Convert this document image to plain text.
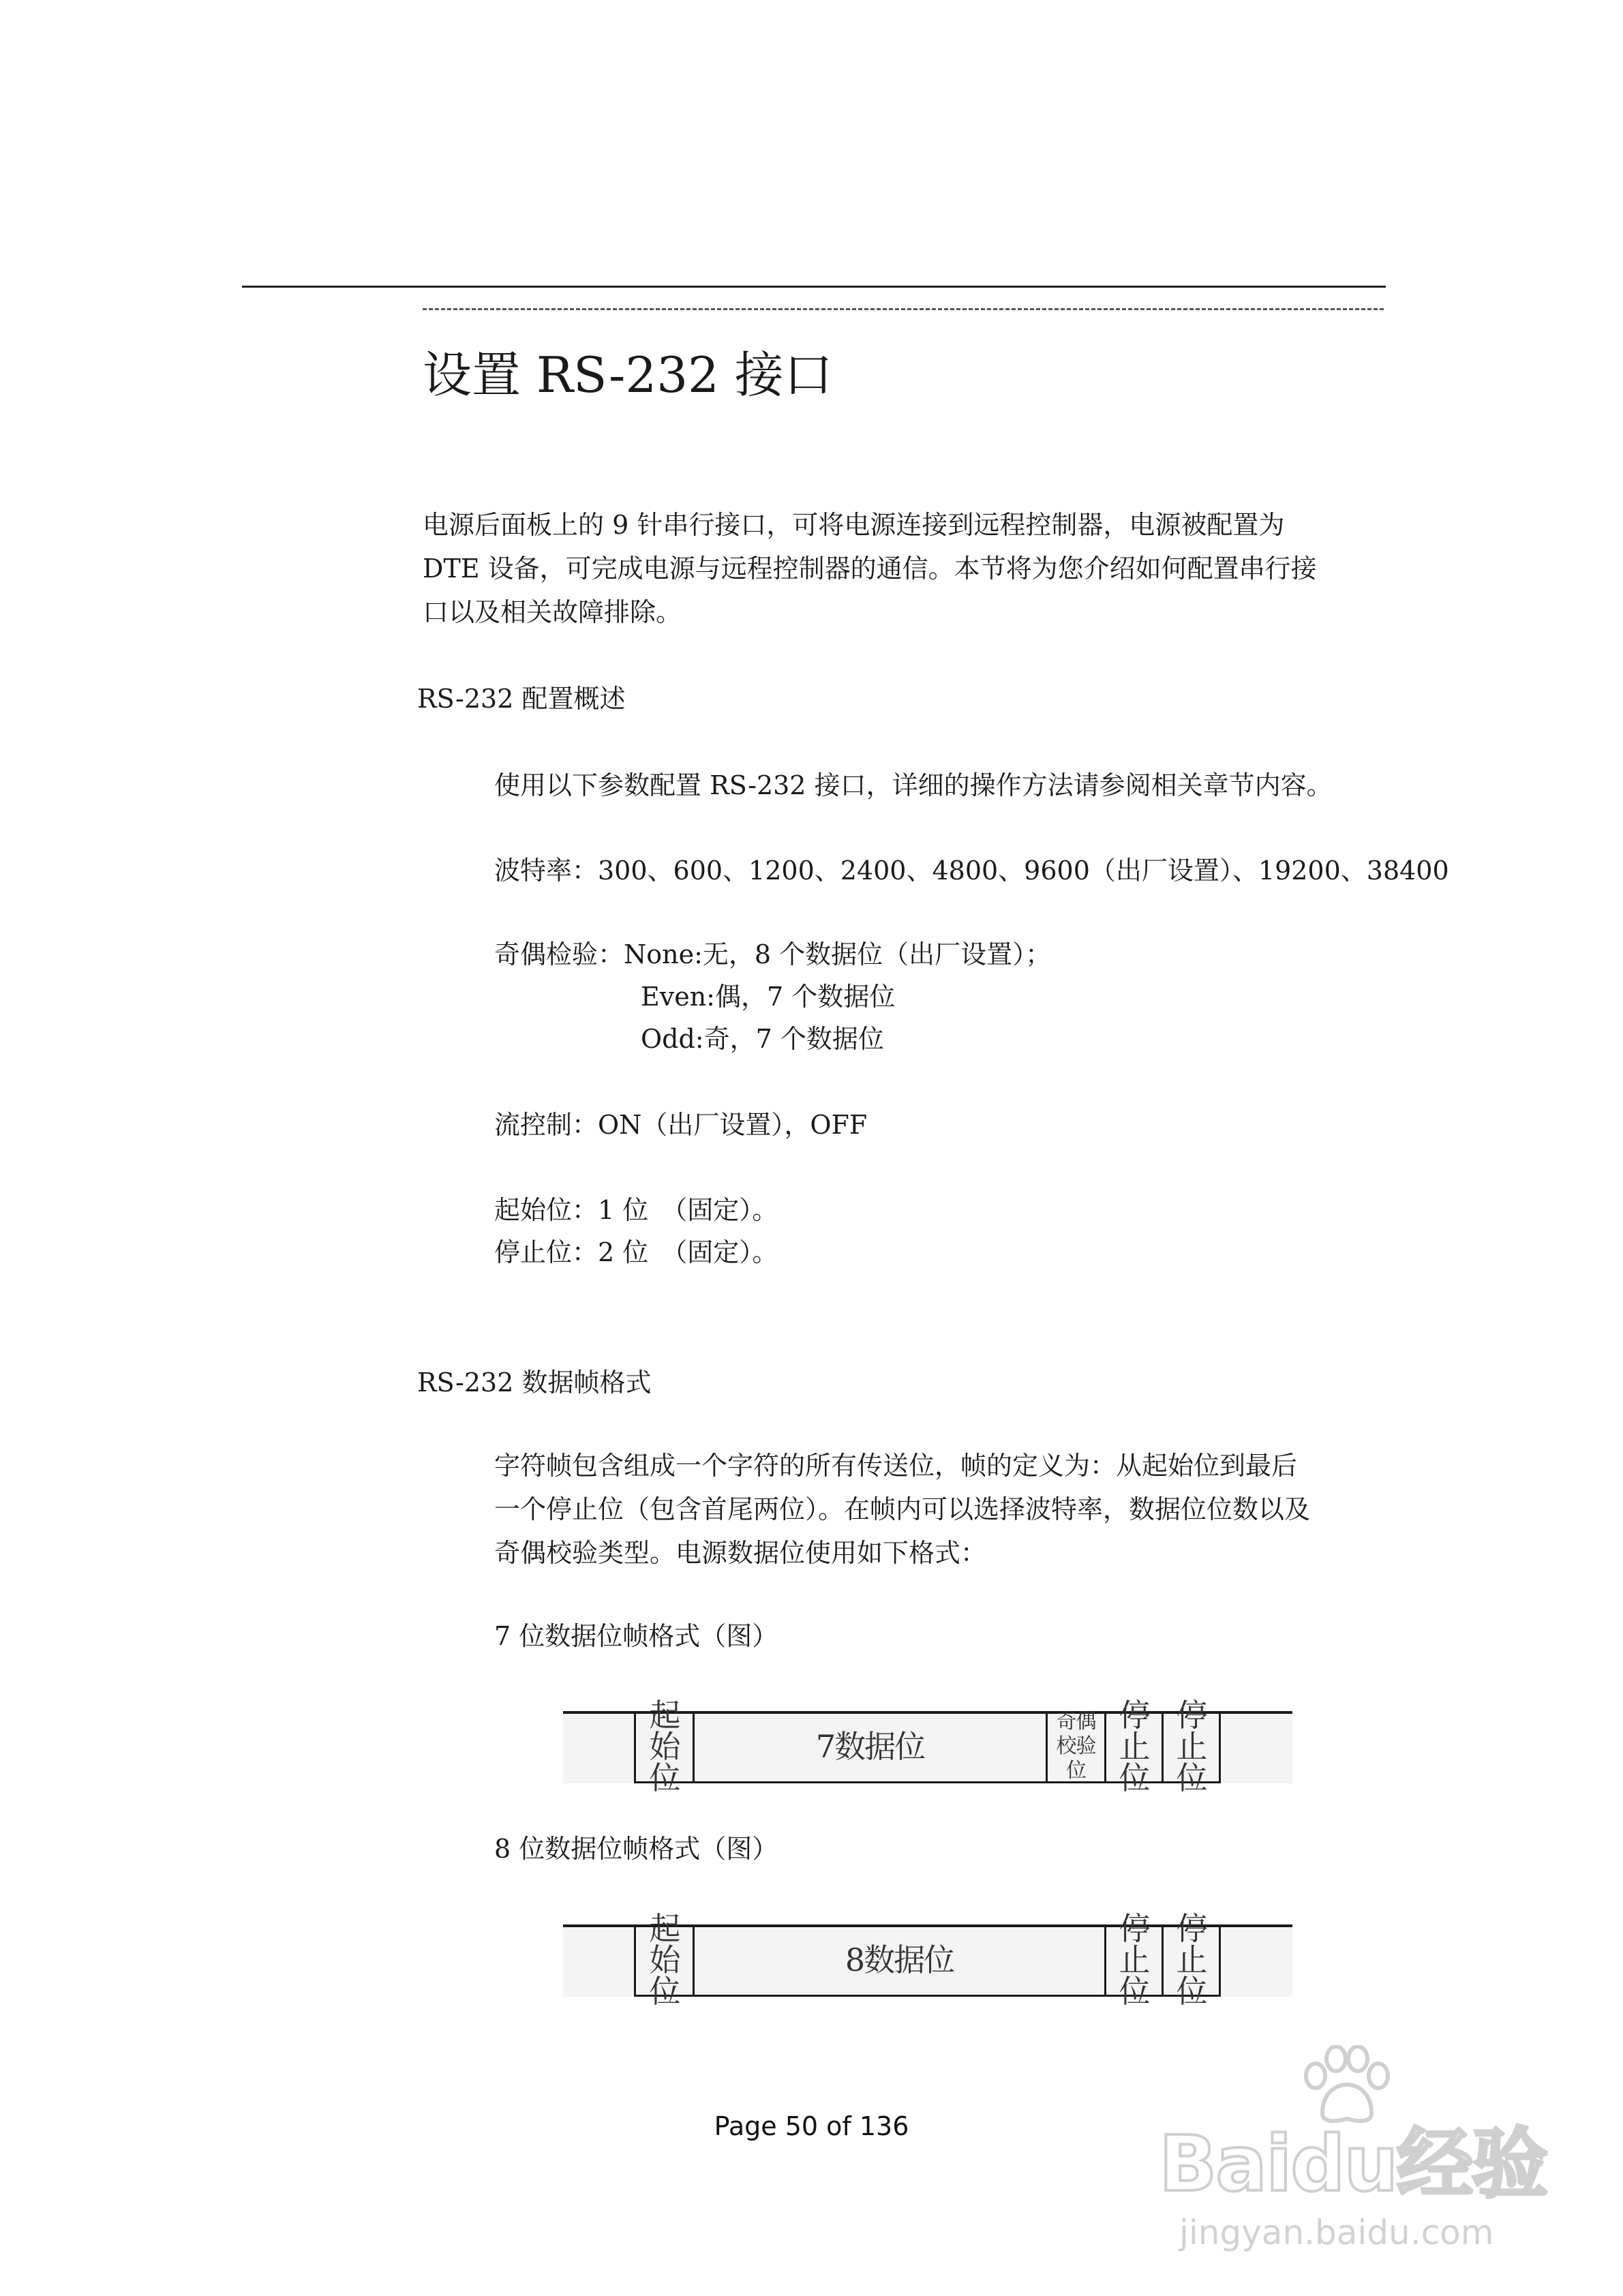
设置 RS-232 接口

电源后面板上的 9 针串行接口，可将电源连接到远程控制器，电源被配置为

DTE 设备，可完成电源与远程控制器的通信。本节将为您介绍如何配置串行接

口以及相关故障排除。

RS-232 配置概述
使用以下参数配置 RS-232 接口，详细的操作方法请参阅相关章节内容。
波特率：300、600、1200、2400、4800、9600（出厂设置）、19200、38400
奇偶检验：None:无，8 个数据位（出厂设置）；
Even:偶，7 个数据位
Odd:奇，7 个数据位
流控制：ON（出厂设置），OFF
起始位：1 位　（固定）。
停止位：2 位　（固定）。
RS-232 数据帧格式

字符帧包含组成一个字符的所有传送位，帧的定义为：从起始位到最后

一个停止位（包含首尾两位）。在帧内可以选择波特率，数据位位数以及

奇偶校验类型。电源数据位使用如下格式：

7 位数据位帧格式（图）
起始位
7数据位
奇偶
校验位
停止位
停止位
8 位数据位帧格式（图）
起始位
8数据位
停止位
停止位
Page 50 of 136	Baidu经验
jingyan.baidu.com
